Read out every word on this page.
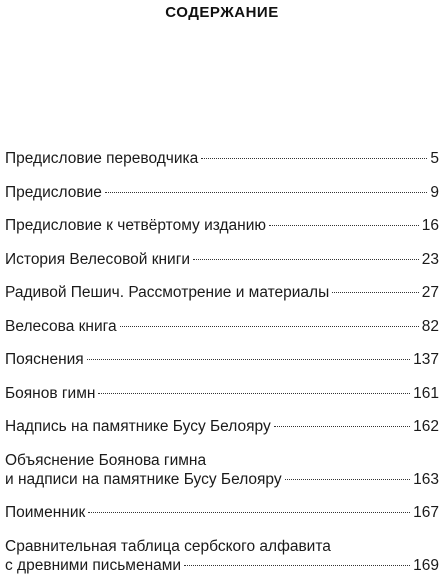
СОДЕРЖАНИЕ
Предисловие переводчика	5
Предисловие	9
Предисловие к четвёртому изданию	16
История Велесовой книги	23
Радивой Пешич. Рассмотрение и материалы	27
Велесова книга	82
Пояснения	137
Боянов гимн	161
Надпись на памятнике Бусу Белояру	162
Объяснение Боянова гимна
и надписи на памятнике Бусу Белояру	163
Поименник	167
Сравнительная таблица сербского алфавита
с древними письменами	169
